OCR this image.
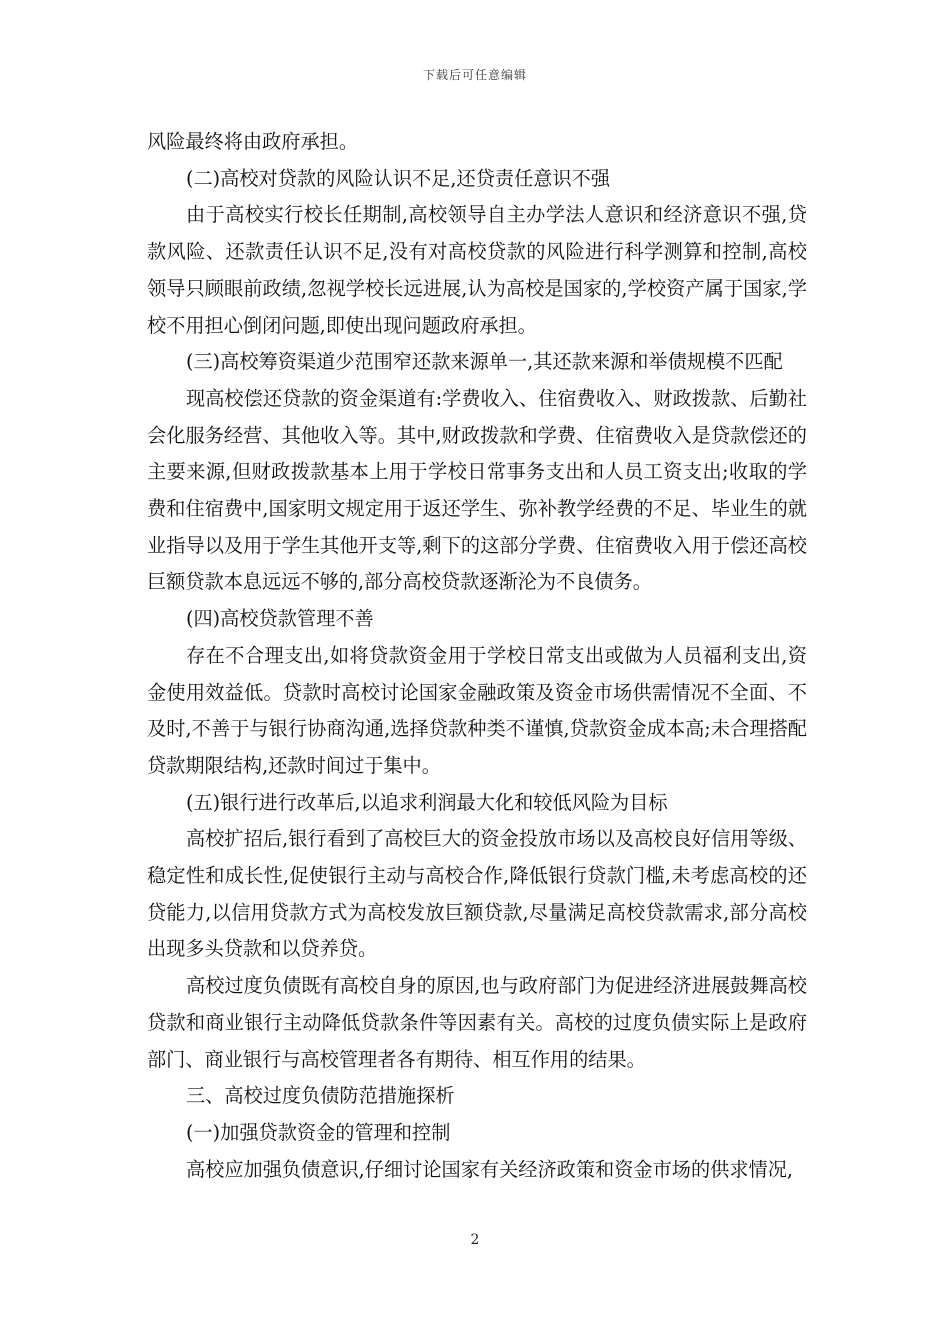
下载后可任意编辑

风险最终将由政府承担。

(二)高校对贷款的风险认识不足,还贷责任意识不强

由于高校实行校长任期制,高校领导自主办学法人意识和经济意识不强,贷款风险、还款责任认识不足,没有对高校贷款的风险进行科学测算和控制,高校领导只顾眼前政绩,忽视学校长远进展,认为高校是国家的,学校资产属于国家,学校不用担心倒闭问题,即使出现问题政府承担。

(三)高校筹资渠道少范围窄还款来源单一,其还款来源和举债规模不匹配

现高校偿还贷款的资金渠道有:学费收入、住宿费收入、财政拨款、后勤社会化服务经营、其他收入等。其中,财政拨款和学费、住宿费收入是贷款偿还的主要来源,但财政拨款基本上用于学校日常事务支出和人员工资支出;收取的学费和住宿费中,国家明文规定用于返还学生、弥补教学经费的不足、毕业生的就业指导以及用于学生其他开支等,剩下的这部分学费、住宿费收入用于偿还高校巨额贷款本息远远不够的,部分高校贷款逐渐沦为不良债务。

(四)高校贷款管理不善

存在不合理支出,如将贷款资金用于学校日常支出或做为人员福利支出,资金使用效益低。贷款时高校讨论国家金融政策及资金市场供需情况不全面、不及时,不善于与银行协商沟通,选择贷款种类不谨慎,贷款资金成本高;未合理搭配贷款期限结构,还款时间过于集中。

(五)银行进行改革后,以追求利润最大化和较低风险为目标

高校扩招后,银行看到了高校巨大的资金投放市场以及高校良好信用等级、稳定性和成长性,促使银行主动与高校合作,降低银行贷款门槛,未考虑高校的还贷能力,以信用贷款方式为高校发放巨额贷款,尽量满足高校贷款需求,部分高校出现多头贷款和以贷养贷。

高校过度负债既有高校自身的原因,也与政府部门为促进经济进展鼓舞高校贷款和商业银行主动降低贷款条件等因素有关。高校的过度负债实际上是政府部门、商业银行与高校管理者各有期待、相互作用的结果。

三、高校过度负债防范措施探析

(一)加强贷款资金的管理和控制

高校应加强负债意识,仔细讨论国家有关经济政策和资金市场的供求情况,

2
